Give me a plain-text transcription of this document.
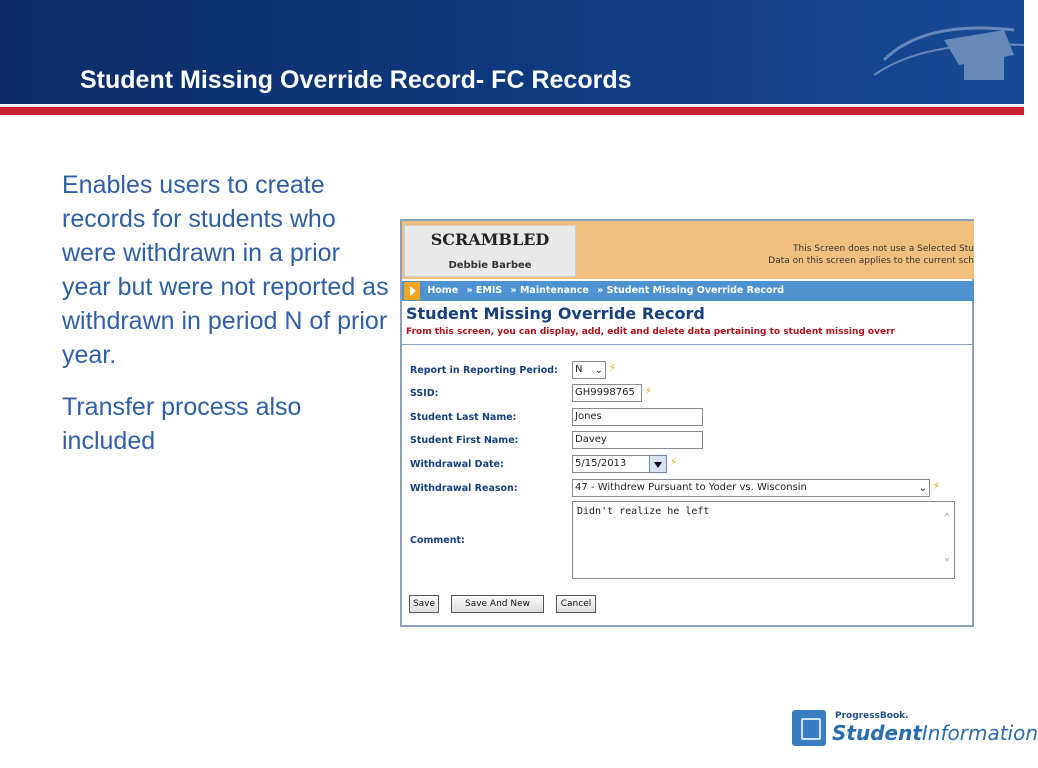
Student Missing Override Record- FC Records

Enables users to create records for students who were withdrawn in a prior year but were not reported as withdrawn in period N of prior year.

Transfer process also included

SCRAMBLED
Debbie Barbee
This Screen does not use a Selected Stu
Data on this screen applies to the current sch
Home » EMIS » Maintenance » Student Missing Override Record
Student Missing Override Record
From this screen, you can display, add, edit and delete data pertaining to student missing overr
Report in Reporting Period:	N ⌄ ⚡
SSID:	GH9998765	⚡
Student Last Name:	Jones
Student First Name:	Davey
Withdrawal Date:	5/15/2013	⚡
Withdrawal Reason:	47 - Withdrew Pursuant to Yoder vs. Wisconsin	⌄ ⚡
Comment:
Didn't realize he left
⌃
⌄
Save	Save And New	Cancel
ProgressBook.
StudentInformation
